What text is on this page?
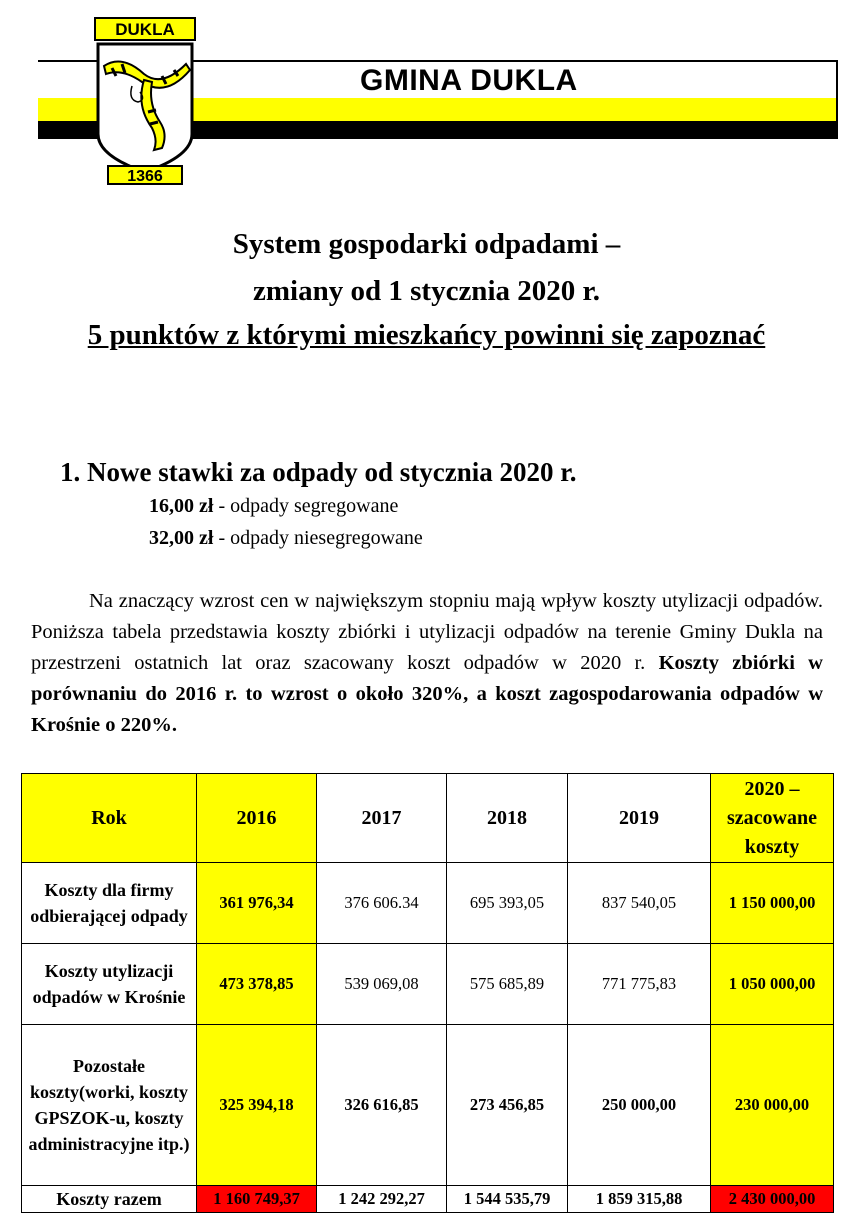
GMINA DUKLA
DUKLA
1366
System gospodarki odpadami –
zmiany od 1 stycznia 2020 r.
5 punktów z którymi mieszkańcy powinni się zapoznać
1. Nowe stawki za odpady od stycznia 2020 r.
16,00 zł - odpady segregowane
32,00 zł - odpady niesegregowane

Na znaczący wzrost cen w największym stopniu mają wpływ koszty utylizacji odpadów. Poniższa tabela przedstawia koszty zbiórki i utylizacji odpadów na terenie Gminy Dukla na przestrzeni ostatnich lat oraz szacowany koszt odpadów w 2020 r. Koszty zbiórki w porównaniu do 2016 r. to wzrost o około 320%, a koszt zagospodarowania odpadów w Krośnie o 220%.

Rok	2016	2017	2018	2019	2020 – szacowane koszty
Koszty dla firmy odbierającej odpady	361 976,34	376 606.34	695 393,05	837 540,05	1 150 000,00
Koszty utylizacji odpadów w Krośnie	473 378,85	539 069,08	575 685,89	771 775,83	1 050 000,00
Pozostałe koszty(worki, koszty GPSZOK-u, koszty administracyjne itp.)	325 394,18	326 616,85	273 456,85	250 000,00	230 000,00
Koszty razem	1 160 749,37	1 242 292,27	1 544 535,79	1 859 315,88	2 430 000,00
